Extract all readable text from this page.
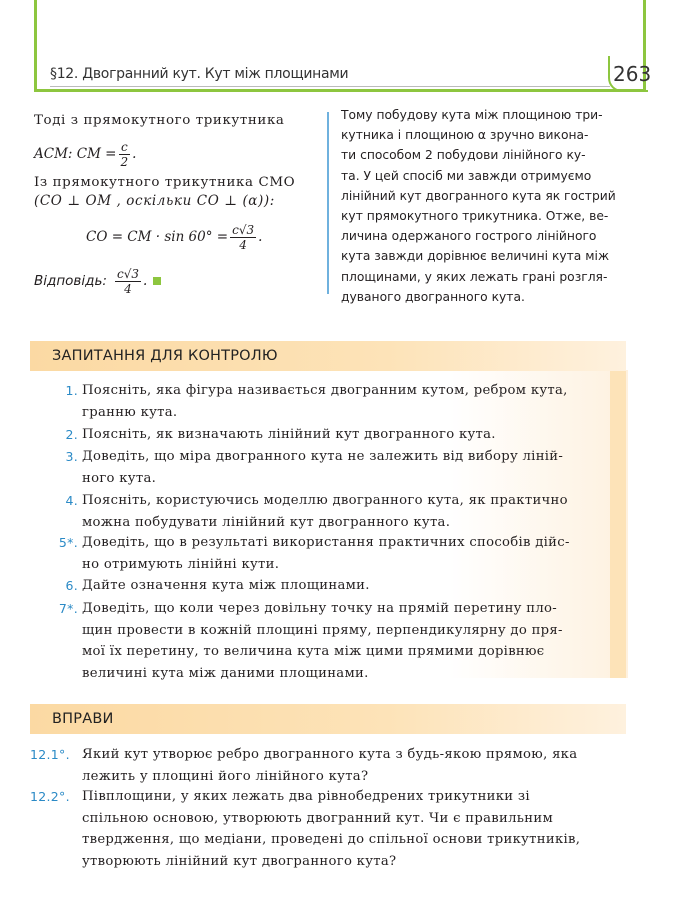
§12. Двогранний кут. Кут між площинами	263
Тоді з прямокутного трикутника
ACM: CM = $\frac{c}{2}$ .
Із прямокутного трикутника CMO
(CO ⊥ OM , оскільки CO ⊥ (α)):
CO = CM · $\sin 60^\circ = \frac{c√3}{4}$ .
Відповідь: $\frac{c√3}{4}$ .
Тому побудову кута між площиною три-
кутника і площиною α зручно викона-
ти способом 2 побудови лінійного ку-
та. У цей спосіб ми завжди отримуємо
лінійний кут двогранного кута як гострий
кут прямокутного трикутника. Отже, ве-
личина одержаного гострого лінійного
кута завжди дорівнює величині кута між
площинами, у яких лежать грані розгля-
дуваного двогранного кута.
ЗАПИТАННЯ ДЛЯ КОНТРОЛЮ
1. Поясніть, яка фігура називається двогранним кутом, ребром кута,
гранню кута.
2. Поясніть, як визначають лінійний кут двогранного кута.
3. Доведіть, що міра двогранного кута не залежить від вибору ліній-
ного кута.
4. Поясніть, користуючись моделлю двогранного кута, як практично
можна побудувати лінійний кут двогранного кута.
5*. Доведіть, що в результаті використання практичних способів дійс-
но отримують лінійні кути.
6. Дайте означення кута між площинами.
7*. Доведіть, що коли через довільну точку на прямій перетину пло-
щин провести в кожній площині пряму, перпендикулярну до пря-
мої їх перетину, то величина кута між цими прямими дорівнює
величині кута між даними площинами.
ВПРАВИ
12.1°. Який кут утворює ребро двогранного кута з будь-якою прямою, яка
лежить у площині його лінійного кута?
12.2°. Півплощини, у яких лежать два рівнобедрених трикутники зі
спільною основою, утворюють двогранний кут. Чи є правильним
твердження, що медіани, проведені до спільної основи трикутників,
утворюють лінійний кут двогранного кута?
